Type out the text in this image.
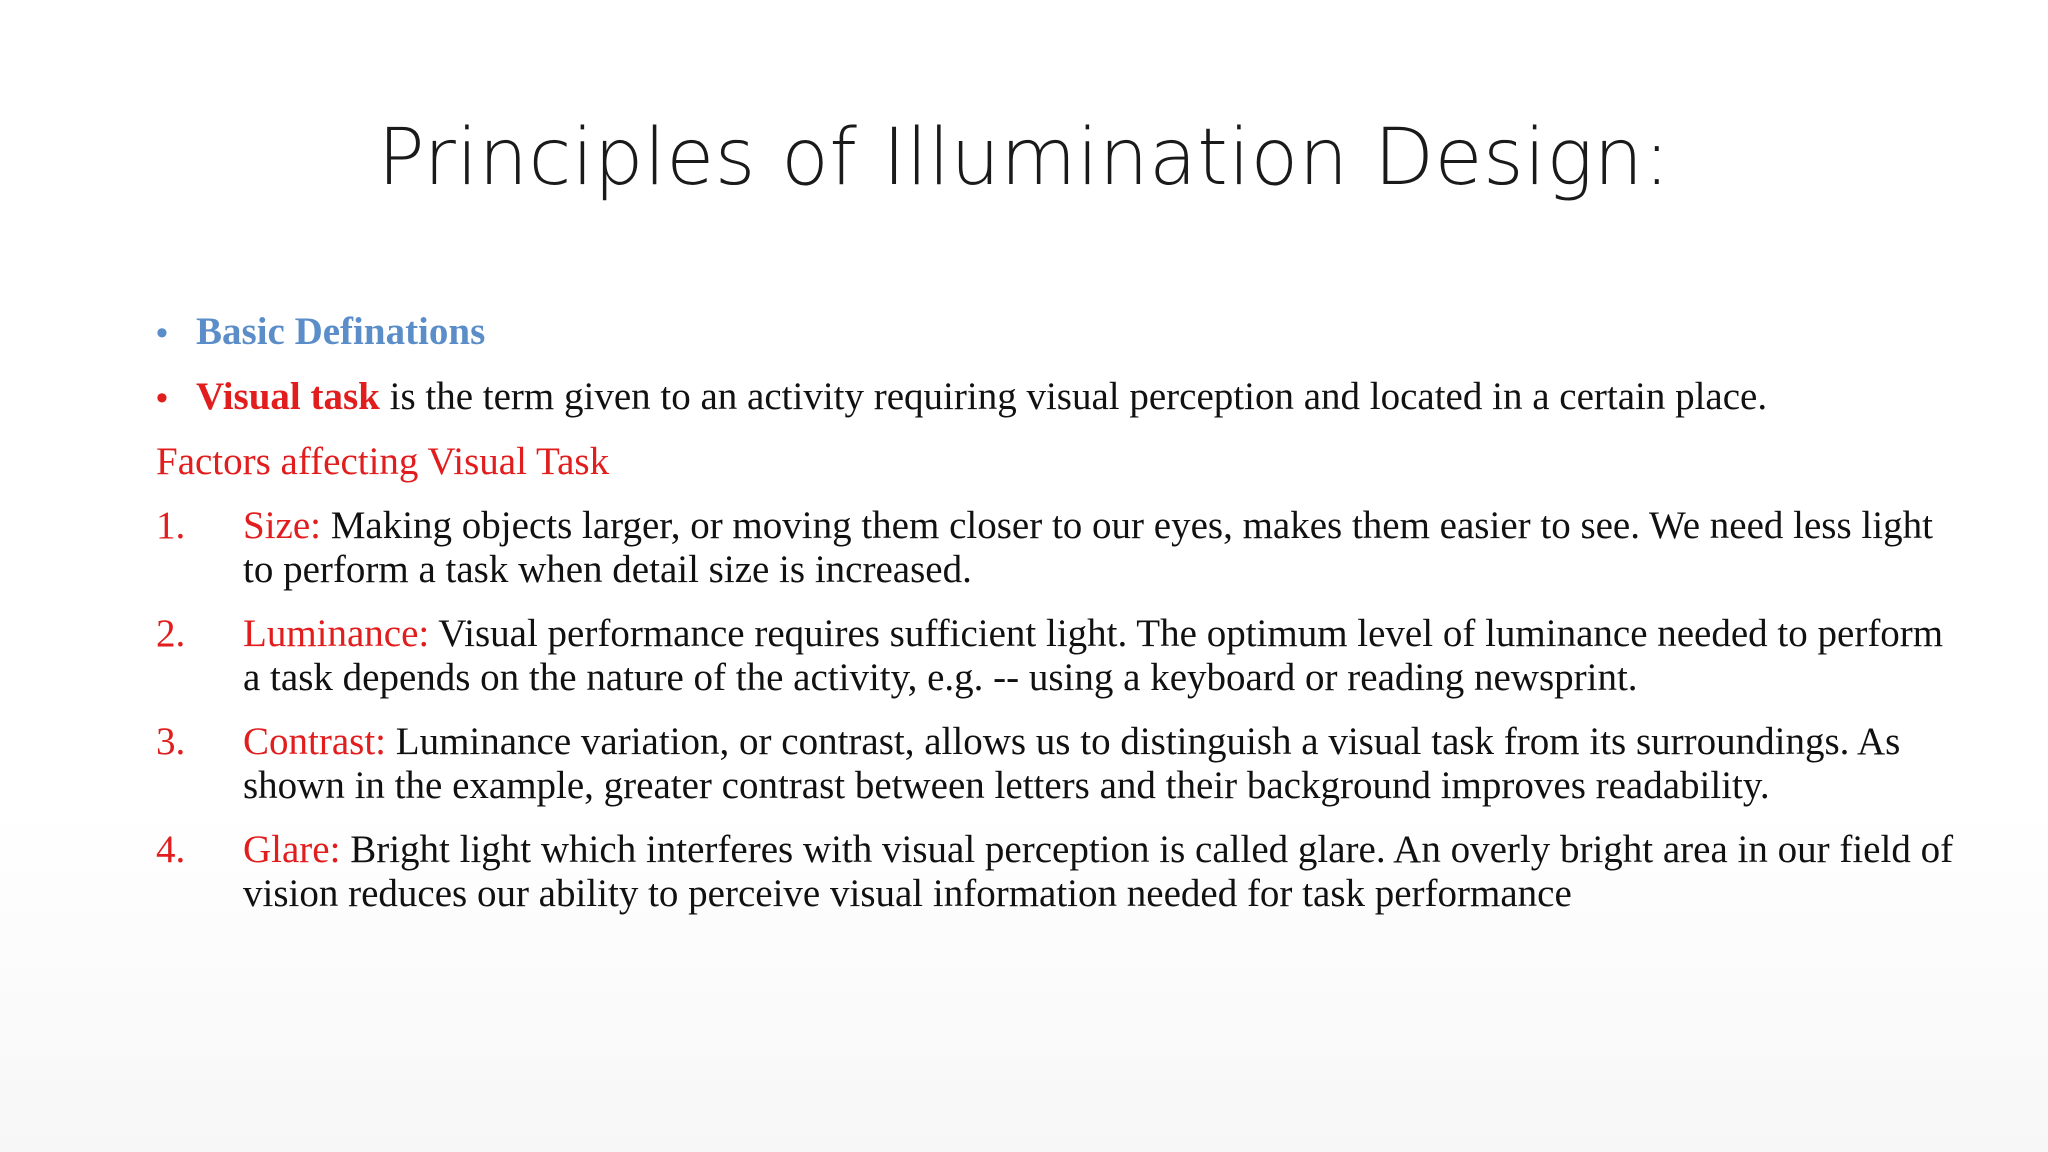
Principles of Illumination Design:
• Basic Definations
• Visual task is the term given to an activity requiring visual perception and located in a certain place.
Factors affecting Visual Task
1.	Size: Making objects larger, or moving them closer to our eyes, makes them easier to see. We need less light to perform a task when detail size is increased.
2.	Luminance: Visual performance requires sufficient light. The optimum level of luminance needed to perform a task depends on the nature of the activity, e.g. -- using a keyboard or reading newsprint.
3.	Contrast: Luminance variation, or contrast, allows us to distinguish a visual task from its surroundings. As shown in the example, greater contrast between letters and their background improves readability.
4.	Glare: Bright light which interferes with visual perception is called glare. An overly bright area in our field of vision reduces our ability to perceive visual information needed for task performance
